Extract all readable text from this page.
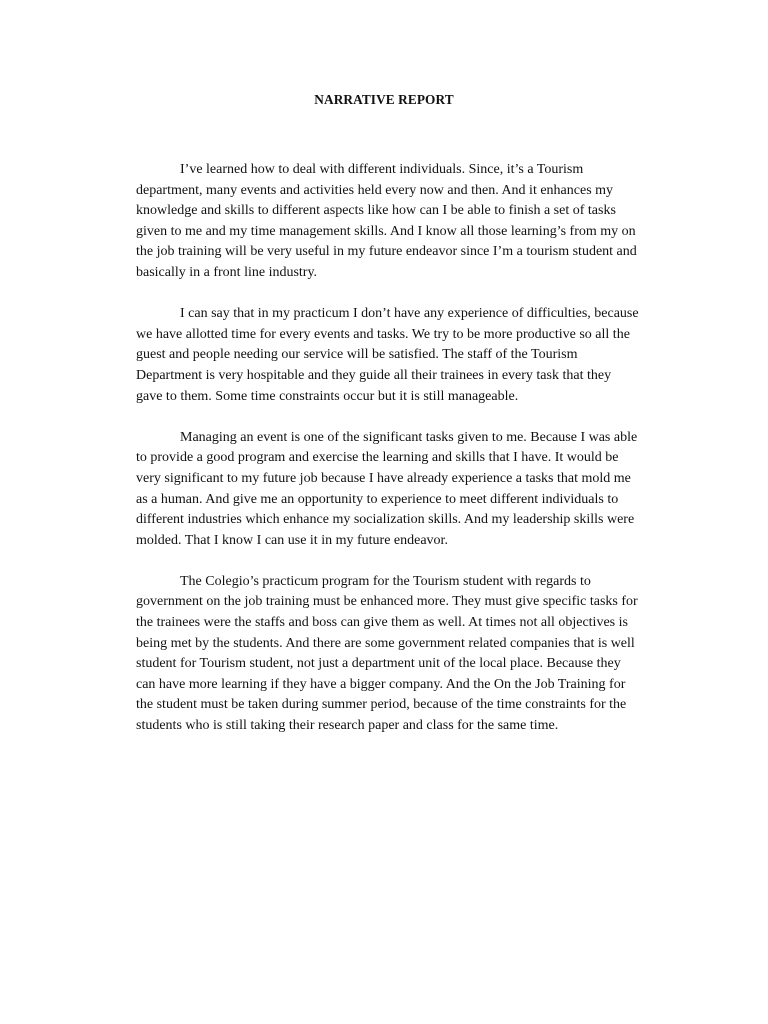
NARRATIVE REPORT

I’ve learned how to deal with different individuals. Since, it’s a Tourism
department, many events and activities held every now and then. And it enhances my
knowledge and skills to different aspects like how can I be able to finish a set of tasks
given to me and my time management skills. And I know all those learning’s from my on
the job training will be very useful in my future endeavor since I’m a tourism student and
basically in a front line industry.

I can say that in my practicum I don’t have any experience of difficulties, because
we have allotted time for every events and tasks. We try to be more productive so all the
guest and people needing our service will be satisfied. The staff of the Tourism
Department is very hospitable and they guide all their trainees in every task that they
gave to them. Some time constraints occur but it is still manageable.

Managing an event is one of the significant tasks given to me. Because I was able
to provide a good program and exercise the learning and skills that I have. It would be
very significant to my future job because I have already experience a tasks that mold me
as a human. And give me an opportunity to experience to meet different individuals to
different industries which enhance my socialization skills. And my leadership skills were
molded. That I know I can use it in my future endeavor.

The Colegio’s practicum program for the Tourism student with regards to
government on the job training must be enhanced more. They must give specific tasks for
the trainees were the staffs and boss can give them as well. At times not all objectives is
being met by the students. And there are some government related companies that is well
student for Tourism student, not just a department unit of the local place. Because they
can have more learning if they have a bigger company. And the On the Job Training for
the student must be taken during summer period, because of the time constraints for the
students who is still taking their research paper and class for the same time.
